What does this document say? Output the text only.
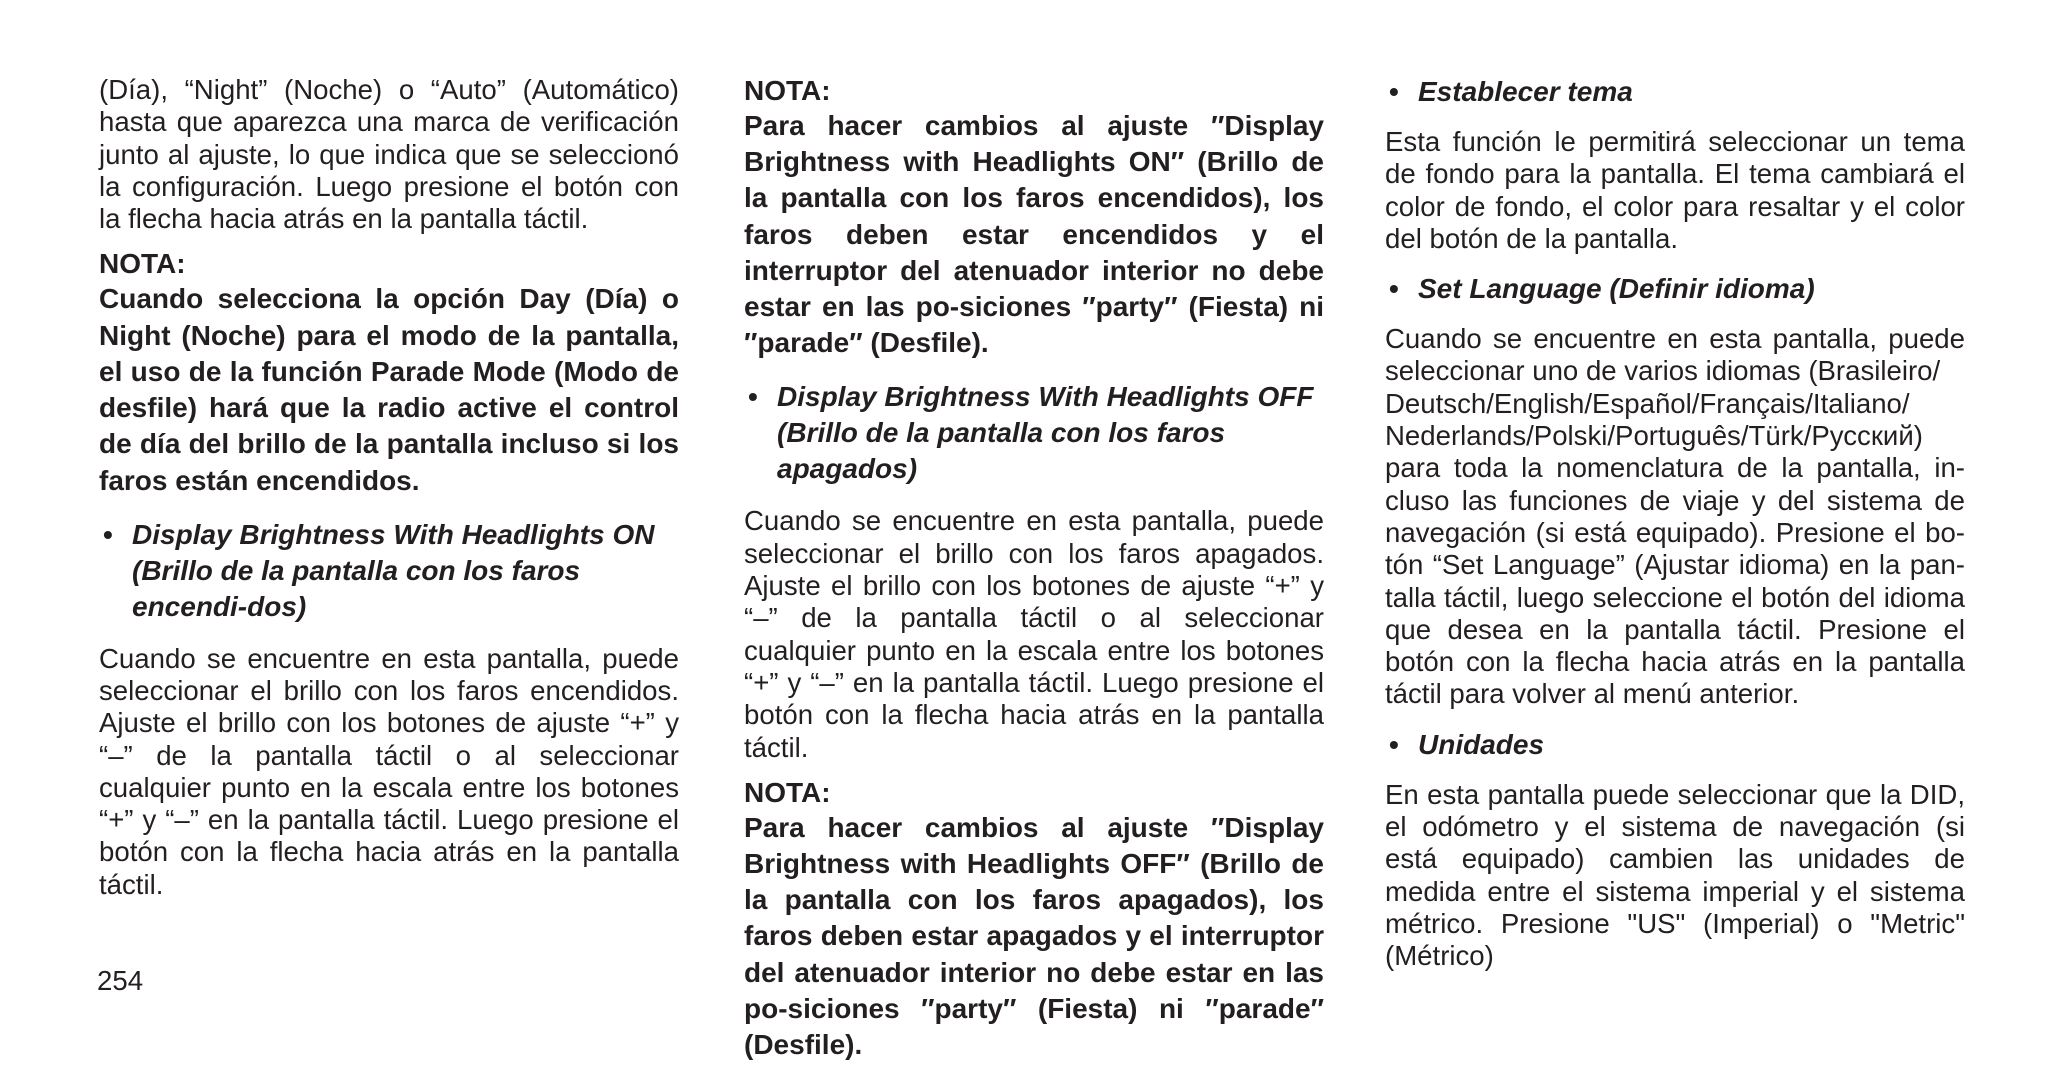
(Día), “Night” (Noche) o “Auto” (Automático) hasta que aparezca una marca de verificación junto al ajuste, lo que indica que se seleccionó la configuración. Luego presione el botón con la flecha hacia atrás en la pantalla táctil.

NOTA:

Cuando selecciona la opción Day (Día) o Night (Noche) para el modo de la pantalla, el uso de la función Parade Mode (Modo de desfile) hará que la radio active el control de día del brillo de la pantalla incluso si los faros están encendidos.

• Display Brightness With Headlights ON (Brillo de la pantalla con los faros encendi-dos)

Cuando se encuentre en esta pantalla, puede seleccionar el brillo con los faros encendidos. Ajuste el brillo con los botones de ajuste “+” y “–” de la pantalla táctil o al seleccionar cualquier punto en la escala entre los botones “+” y “–” en la pantalla táctil. Luego presione el botón con la flecha hacia atrás en la pantalla táctil.

NOTA:

Para hacer cambios al ajuste ″Display Brightness with Headlights ON″ (Brillo de la pantalla con los faros encendidos), los faros deben estar encendidos y el interruptor del atenuador interior no debe estar en las po-siciones ″party″ (Fiesta) ni ″parade″ (Desfile).

• Display Brightness With Headlights OFF (Brillo de la pantalla con los faros apagados)

Cuando se encuentre en esta pantalla, puede seleccionar el brillo con los faros apagados. Ajuste el brillo con los botones de ajuste “+” y “–” de la pantalla táctil o al seleccionar cualquier punto en la escala entre los botones “+” y “–” en la pantalla táctil. Luego presione el botón con la flecha hacia atrás en la pantalla táctil.

NOTA:

Para hacer cambios al ajuste ″Display Brightness with Headlights OFF″ (Brillo de la pantalla con los faros apagados), los faros deben estar apagados y el interruptor del atenuador interior no debe estar en las po-siciones ″party″ (Fiesta) ni ″parade″ (Desfile).

• Establecer tema

Esta función le permitirá seleccionar un tema de fondo para la pantalla. El tema cambiará el color de fondo, el color para resaltar y el color del botón de la pantalla.

• Set Language (Definir idioma)

Cuando se encuentre en esta pantalla, puede seleccionar uno de varios idiomas (Brasileiro/

Deutsch/English/Español/Français/Italiano/

Nederlands/Polski/Português/Türk/Русский)

para toda la nomenclatura de la pantalla, in-cluso las funciones de viaje y del sistema de navegación (si está equipado). Presione el bo-tón “Set Language” (Ajustar idioma) en la pan-talla táctil, luego seleccione el botón del idioma que desea en la pantalla táctil. Presione el botón con la flecha hacia atrás en la pantalla táctil para volver al menú anterior.

• Unidades

En esta pantalla puede seleccionar que la DID, el odómetro y el sistema de navegación (si está equipado) cambien las unidades de medida entre el sistema imperial y el sistema métrico. Presione "US" (Imperial) o "Metric" (Métrico)

254
